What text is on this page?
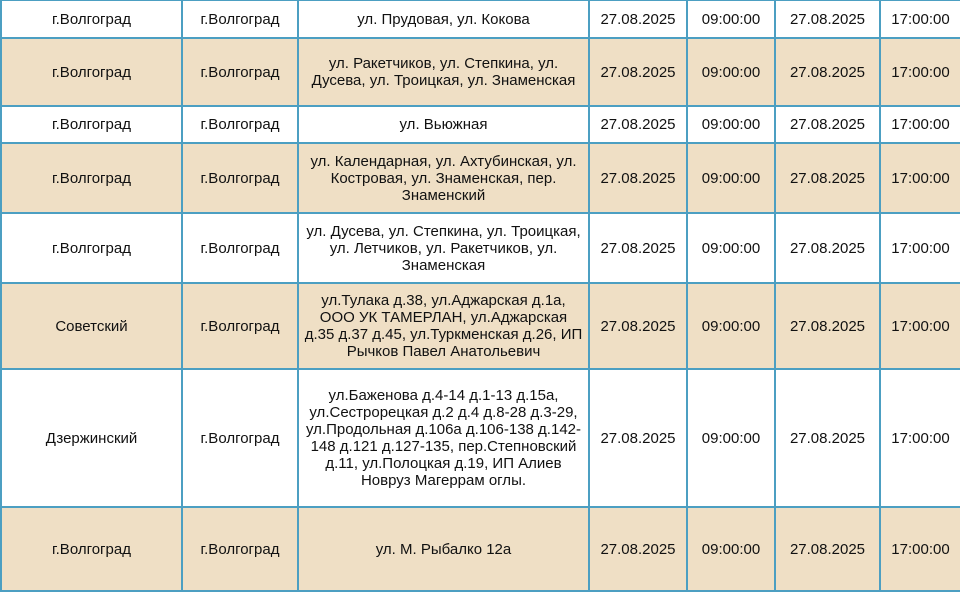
г.Волгоград	г.Волгоград	ул. Прудовая, ул. Кокова	27.08.2025	09:00:00	27.08.2025	17:00:00
г.Волгоград	г.Волгоград	ул. Ракетчиков, ул. Степкина, ул. Дусева, ул. Троицкая, ул. Знаменская	27.08.2025	09:00:00	27.08.2025	17:00:00
г.Волгоград	г.Волгоград	ул. Вьюжная	27.08.2025	09:00:00	27.08.2025	17:00:00
г.Волгоград	г.Волгоград	ул. Календарная, ул. Ахтубинская, ул. Костровая, ул. Знаменская, пер. Знаменский	27.08.2025	09:00:00	27.08.2025	17:00:00
г.Волгоград	г.Волгоград	ул. Дусева, ул. Степкина, ул. Троицкая, ул. Летчиков, ул. Ракетчиков, ул. Знаменская	27.08.2025	09:00:00	27.08.2025	17:00:00
Советский	г.Волгоград	ул.Тулака д.38, ул.Аджарская д.1а, ООО УК ТАМЕРЛАН, ул.Аджарская д.35 д.37 д.45, ул.Туркменская д.26, ИП Рычков Павел Анатольевич	27.08.2025	09:00:00	27.08.2025	17:00:00
Дзержинский	г.Волгоград	ул.Баженова д.4-14 д.1-13 д.15а, ул.Сестрорецкая д.2 д.4 д.8-28 д.3-29, ул.Продольная д.106а д.106-138 д.142-148 д.121 д.127-135, пер.Степновский д.11, ул.Полоцкая д.19, ИП Алиев Новруз Магеррам оглы.	27.08.2025	09:00:00	27.08.2025	17:00:00
г.Волгоград	г.Волгоград	ул. М. Рыбалко 12а	27.08.2025	09:00:00	27.08.2025	17:00:00
